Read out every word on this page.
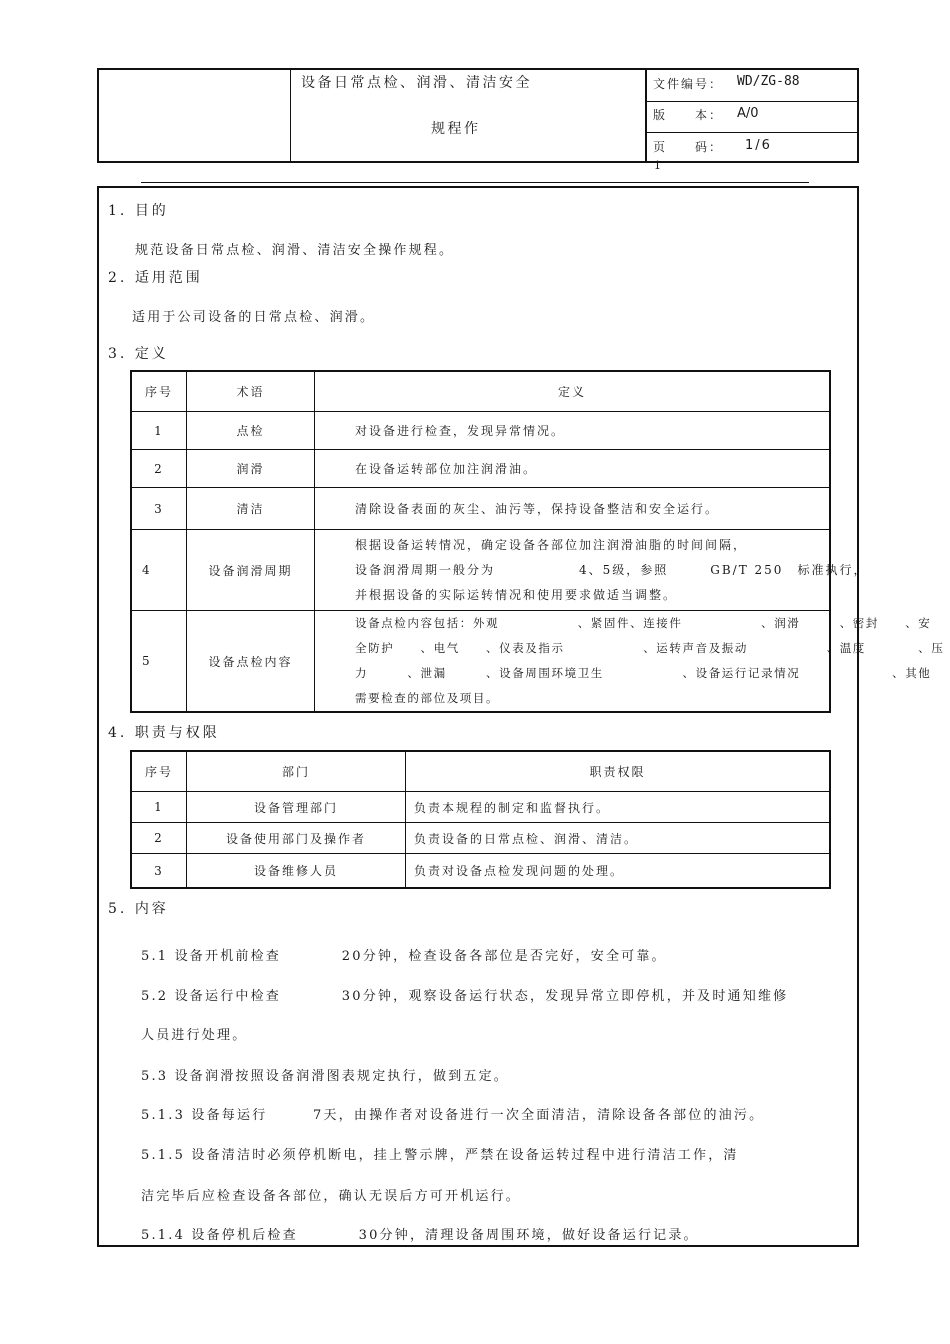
设备日常点检、润滑、清洁安全
规程作
文件编号： WD/ZG-88
版　　本： A/0
页　　码： 1/6
1
1. 目的
规范设备日常点检、润滑、清洁安全操作规程。
2. 适用范围
适用于公司设备的日常点检、润滑。
3. 定义
序号	术语	定义
1	点检	对设备进行检查，发现异常情况。
2	润滑	在设备运转部位加注润滑油。
3	清洁	清除设备表面的灰尘、油污等，保持设备整洁和安全运行。
4	设备润滑周期	根据设备运转情况，确定设备各部位加注润滑油脂的时间间隔，
设备润滑周期一般分为　　　　　　4、5级，参照　　　GB/T 250　标准执行，
并根据设备的实际运转情况和使用要求做适当调整。

5	设备点检内容	设备点检内容包括：外观　　　　　　、紧固件、连接件　　　　　　、润滑　　　、密封　　、安
全防护　　、电气　　、仪表及指示　　　　　　、运转声音及振动　　　　　　、温度　　　　、压
力　　　、泄漏　　　、设备周围环境卫生　　　　　　、设备运行记录情况　　　　　　　、其他
需要检查的部位及项目。
4. 职责与权限
序号	部门	职责权限
1	设备管理部门	负责本规程的制定和监督执行。
2	设备使用部门及操作者	负责设备的日常点检、润滑、清洁。
3	设备维修人员	负责对设备点检发现问题的处理。
5. 内容
5.1 设备开机前检查　　　　20分钟，检查设备各部位是否完好，安全可靠。
5.2 设备运行中检查　　　　30分钟，观察设备运行状态，发现异常立即停机，并及时通知维修
人员进行处理。
5.3 设备润滑按照设备润滑图表规定执行，做到五定。
5.1.3 设备每运行　　　7天，由操作者对设备进行一次全面清洁，清除设备各部位的油污。
5.1.5 设备清洁时必须停机断电，挂上警示牌，严禁在设备运转过程中进行清洁工作，清
洁完毕后应检查设备各部位，确认无误后方可开机运行。
5.1.4 设备停机后检查　　　　30分钟，清理设备周围环境，做好设备运行记录。
